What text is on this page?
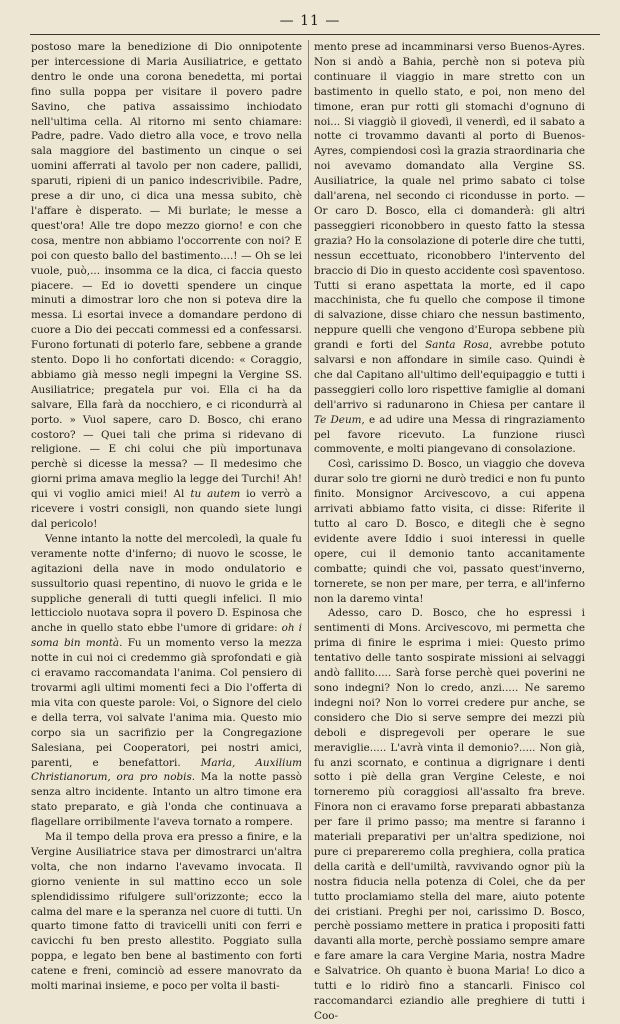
— 11 —

postoso mare la benedizione di Dio onnipotente per intercessione di Maria Ausiliatrice, e gettato dentro le onde una corona benedetta, mi portai fino sulla poppa per visitare il povero padre Savino, che pativa assaissimo inchiodato nell'ultima cella. Al ritorno mi sento chiamare: Padre, padre. Vado dietro alla voce, e trovo nella sala maggiore del bastimento un cinque o sei uomini afferrati al tavolo per non cadere, pallidi, sparuti, ripieni di un panico indescrivibile. Padre, prese a dir uno, ci dica una messa subito, chè l'affare è disperato. — Mi burlate; le messe a quest'ora! Alle tre dopo mezzo giorno! e con che cosa, mentre non abbiamo l'occorrente con noi? E poi con questo ballo del bastimento....! — Oh se lei vuole, può,... insomma ce la dica, ci faccia questo piacere. — Ed io dovetti spendere un cinque minuti a dimostrar loro che non si poteva dire la messa. Li esortai invece a domandare perdono di cuore a Dio dei peccati commessi ed a confessarsi. Furono fortunati di poterlo fare, sebbene a grande stento. Dopo li ho confortati dicendo: « Coraggio, abbiamo già messo negli impegni la Vergine SS. Ausiliatrice; pregatela pur voi. Ella ci ha da salvare, Ella farà da nocchiero, e ci ricondurrà al porto. » Vuol sapere, caro D. Bosco, chi erano costoro? — Quei tali che prima si ridevano di religione. — E chi colui che più importunava perchè si dicesse la messa? — Il medesimo che giorni prima amava meglio la legge dei Turchi! Ah! qui vi voglio amici miei! Al tu autem io verrò a ricevere i vostri consigli, non quando siete lungi dal pericolo!

Venne intanto la notte del mercoledì, la quale fu veramente notte d'inferno; di nuovo le scosse, le agitazioni della nave in modo ondulatorio e sussultorio quasi repentino, di nuovo le grida e le suppliche generali di tutti quegli infelici. Il mio letticciolo nuotava sopra il povero D. Espinosa che anche in quello stato ebbe l'umore di gridare: oh i soma bin montà. Fu un momento verso la mezza notte in cui noi ci credemmo già sprofondati e già ci eravamo raccomandata l'anima. Col pensiero di trovarmi agli ultimi momenti feci a Dio l'offerta di mia vita con queste parole: Voi, o Signore del cielo e della terra, voi salvate l'anima mia. Questo mio corpo sia un sacrifizio per la Congregazione Salesiana, pei Cooperatori, pei nostri amici, parenti, e benefattori. Maria, Auxilium Christianorum, ora pro nobis. Ma la notte passò senza altro incidente. Intanto un altro timone era stato preparato, e già l'onda che continuava a flagellare orribilmente l'aveva tornato a rompere.

Ma il tempo della prova era presso a finire, e la Vergine Ausiliatrice stava per dimostrarci un'altra volta, che non indarno l'avevamo invocata. Il giorno veniente in sul mattino ecco un sole splendidissimo rifulgere sull'orizzonte; ecco la calma del mare e la speranza nel cuore di tutti. Un quarto timone fatto di travicelli uniti con ferri e cavicchi fu ben presto allestito. Poggiato sulla poppa, e legato ben bene al bastimento con forti catene e freni, cominciò ad essere manovrato da molti marinai insieme, e poco per volta il basti-

mento prese ad incamminarsi verso Buenos-Ayres. Non si andò a Bahia, perchè non si poteva più continuare il viaggio in mare stretto con un bastimento in quello stato, e poi, non meno del timone, eran pur rotti gli stomachi d'ognuno di noi... Si viaggiò il giovedì, il venerdì, ed il sabato a notte ci trovammo davanti al porto di Buenos-Ayres, compiendosi così la grazia straordinaria che noi avevamo domandato alla Vergine SS. Ausiliatrice, la quale nel primo sabato ci tolse dall'arena, nel secondo ci ricondusse in porto. — Or caro D. Bosco, ella ci domanderà: gli altri passeggieri riconobbero in questo fatto la stessa grazia? Ho la consolazione di poterle dire che tutti, nessun eccettuato, riconobbero l'intervento del braccio di Dio in questo accidente così spaventoso. Tutti si erano aspettata la morte, ed il capo macchinista, che fu quello che compose il timone di salvazione, disse chiaro che nessun bastimento, neppure quelli che vengono d'Europa sebbene più grandi e forti del Santa Rosa, avrebbe potuto salvarsi e non affondare in simile caso. Quindi è che dal Capitano all'ultimo dell'equipaggio e tutti i passeggieri collo loro rispettive famiglie al domani dell'arrivo si radunarono in Chiesa per cantare il Te Deum, e ad udire una Messa di ringraziamento pel favore ricevuto. La funzione riuscì commovente, e molti piangevano di consolazione.

Così, carissimo D. Bosco, un viaggio che doveva durar solo tre giorni ne durò tredici e non fu punto finito. Monsignor Arcivescovo, a cui appena arrivati abbiamo fatto visita, ci disse: Riferite il tutto al caro D. Bosco, e ditegli che è segno evidente avere Iddio i suoi interessi in quelle opere, cui il demonio tanto accanitamente combatte; quindi che voi, passato quest'inverno, tornerete, se non per mare, per terra, e all'inferno non la daremo vinta!

Adesso, caro D. Bosco, che ho espressi i sentimenti di Mons. Arcivescovo, mi permetta che prima di finire le esprima i miei: Questo primo tentativo delle tanto sospirate missioni ai selvaggi andò fallito..... Sarà forse perchè quei poverini ne sono indegni? Non lo credo, anzi..... Ne saremo indegni noi? Non lo vorrei credere pur anche, se considero che Dio si serve sempre dei mezzi più deboli e dispregevoli per operare le sue meraviglie..... L'avrà vinta il demonio?..... Non già, fu anzi scornato, e continua a digrignare i denti sotto i piè della gran Vergine Celeste, e noi torneremo più coraggiosi all'assalto fra breve. Finora non ci eravamo forse preparati abbastanza per fare il primo passo; ma mentre si faranno i materiali preparativi per un'altra spedizione, noi pure ci prepareremo colla preghiera, colla pratica della carità e dell'umiltà, ravvivando ognor più la nostra fiducia nella potenza di Colei, che da per tutto proclamiamo stella del mare, aiuto potente dei cristiani. Preghi per noi, carissimo D. Bosco, perchè possiamo mettere in pratica i propositi fatti davanti alla morte, perchè possiamo sempre amare e fare amare la cara Vergine Maria, nostra Madre e Salvatrice. Oh quanto è buona Maria! Lo dico a tutti e lo ridirò fino a stancarli. Finisco col raccomandarci eziandio alle preghiere di tutti i Coo-
